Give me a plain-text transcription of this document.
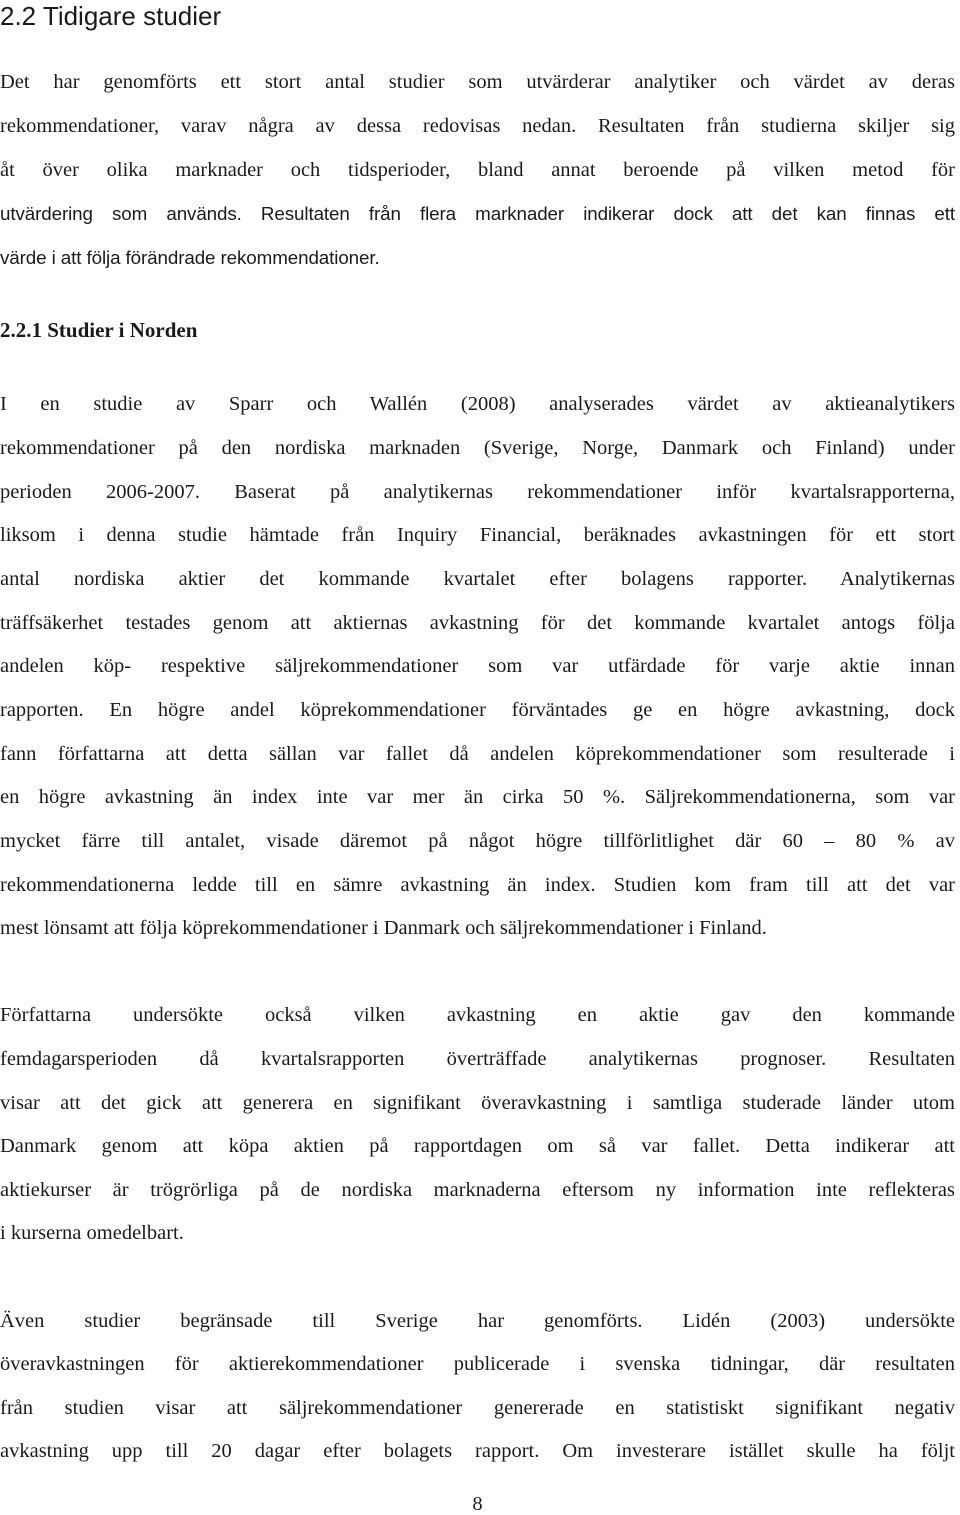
2.2 Tidigare studier
Det har genomförts ett stort antal studier som utvärderar analytiker och värdet av deras
rekommendationer, varav några av dessa redovisas nedan. Resultaten från studierna skiljer sig
åt över olika marknader och tidsperioder, bland annat beroende på vilken metod för
utvärdering som används. Resultaten från flera marknader indikerar dock att det kan finnas ett
värde i att följa förändrade rekommendationer.
2.2.1 Studier i Norden
I en studie av Sparr och Wallén (2008) analyserades värdet av aktieanalytikers
rekommendationer på den nordiska marknaden (Sverige, Norge, Danmark och Finland) under
perioden 2006-2007. Baserat på analytikernas rekommendationer inför kvartalsrapporterna,
liksom i denna studie hämtade från Inquiry Financial, beräknades avkastningen för ett stort
antal nordiska aktier det kommande kvartalet efter bolagens rapporter. Analytikernas
träffsäkerhet testades genom att aktiernas avkastning för det kommande kvartalet antogs följa
andelen köp- respektive säljrekommendationer som var utfärdade för varje aktie innan
rapporten. En högre andel köprekommendationer förväntades ge en högre avkastning, dock
fann författarna att detta sällan var fallet då andelen köprekommendationer som resulterade i
en högre avkastning än index inte var mer än cirka 50 %. Säljrekommendationerna, som var
mycket färre till antalet, visade däremot på något högre tillförlitlighet där 60 – 80 % av
rekommendationerna ledde till en sämre avkastning än index. Studien kom fram till att det var
mest lönsamt att följa köprekommendationer i Danmark och säljrekommendationer i Finland.
Författarna undersökte också vilken avkastning en aktie gav den kommande
femdagarsperioden då kvartalsrapporten överträffade analytikernas prognoser. Resultaten
visar att det gick att generera en signifikant överavkastning i samtliga studerade länder utom
Danmark genom att köpa aktien på rapportdagen om så var fallet. Detta indikerar att
aktiekurser är trögrörliga på de nordiska marknaderna eftersom ny information inte reflekteras
i kurserna omedelbart.
Även studier begränsade till Sverige har genomförts. Lidén (2003) undersökte
överavkastningen för aktierekommendationer publicerade i svenska tidningar, där resultaten
från studien visar att säljrekommendationer genererade en statistiskt signifikant negativ
avkastning upp till 20 dagar efter bolagets rapport. Om investerare istället skulle ha följt
8
